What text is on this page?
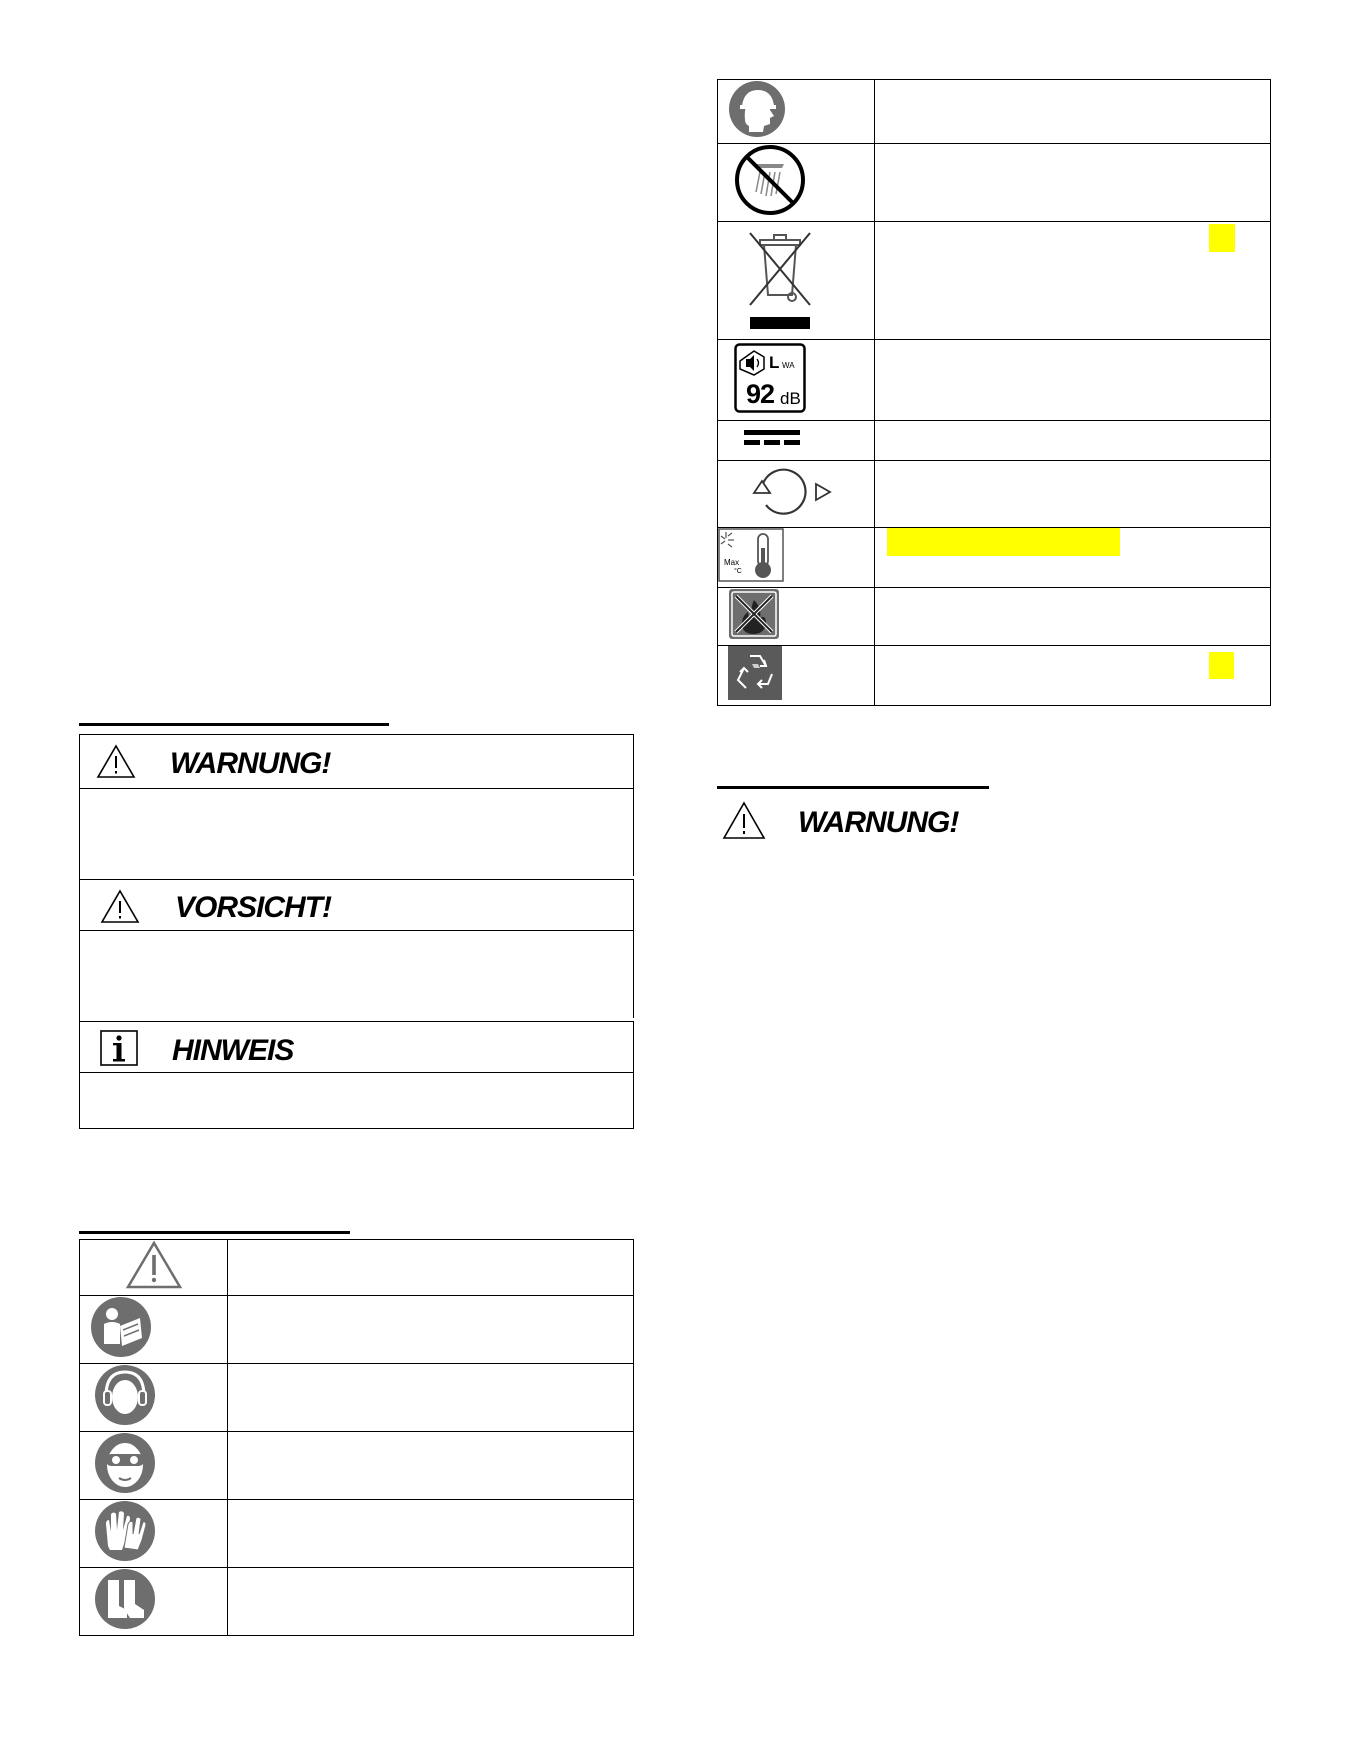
WARNUNG!
VORSICHT!
HINWEIS

L WA
92 dB	

Max
°C	

WARNUNG!
